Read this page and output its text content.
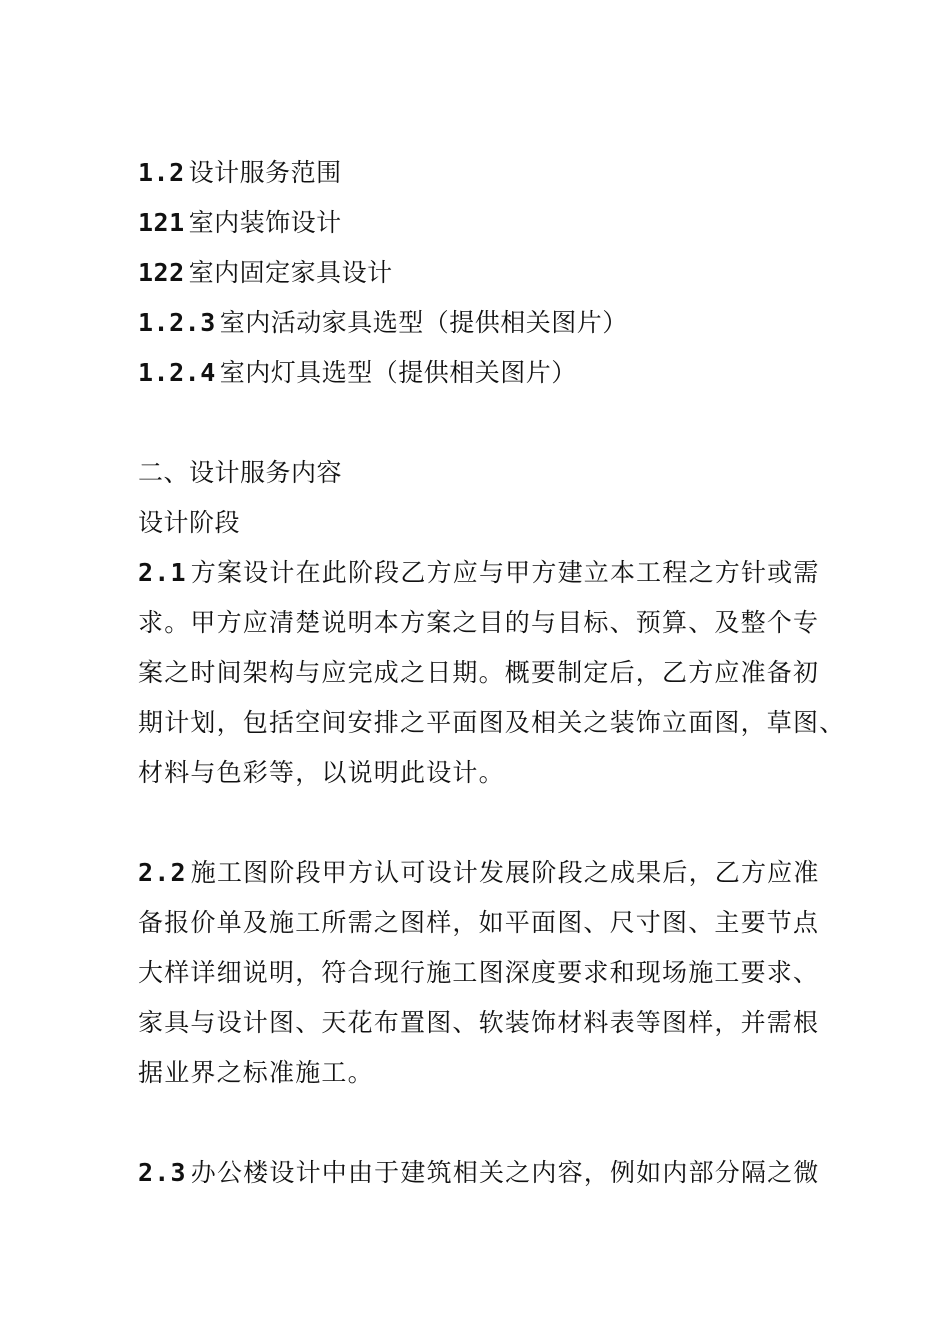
1.2 设计服务范围
121 室内装饰设计
122 室内固定家具设计
1.2.3 室内活动家具选型（提供相关图片）
1.2.4 室内灯具选型（提供相关图片）
二、设计服务内容
设计阶段
2.1 方案设计在此阶段乙方应与甲方建立本工程之方针或需
求。甲方应清楚说明本方案之目的与目标、预算、及整个专
案之时间架构与应完成之日期。概要制定后，乙方应准备初
期计划，包括空间安排之平面图及相关之装饰立面图，草图、
材料与色彩等，以说明此设计。
2.2 施工图阶段甲方认可设计发展阶段之成果后，乙方应准
备报价单及施工所需之图样，如平面图、尺寸图、主要节点
大样详细说明，符合现行施工图深度要求和现场施工要求、
家具与设计图、天花布置图、软装饰材料表等图样，并需根
据业界之标准施工。
2.3 办公楼设计中由于建筑相关之内容，例如内部分隔之微
